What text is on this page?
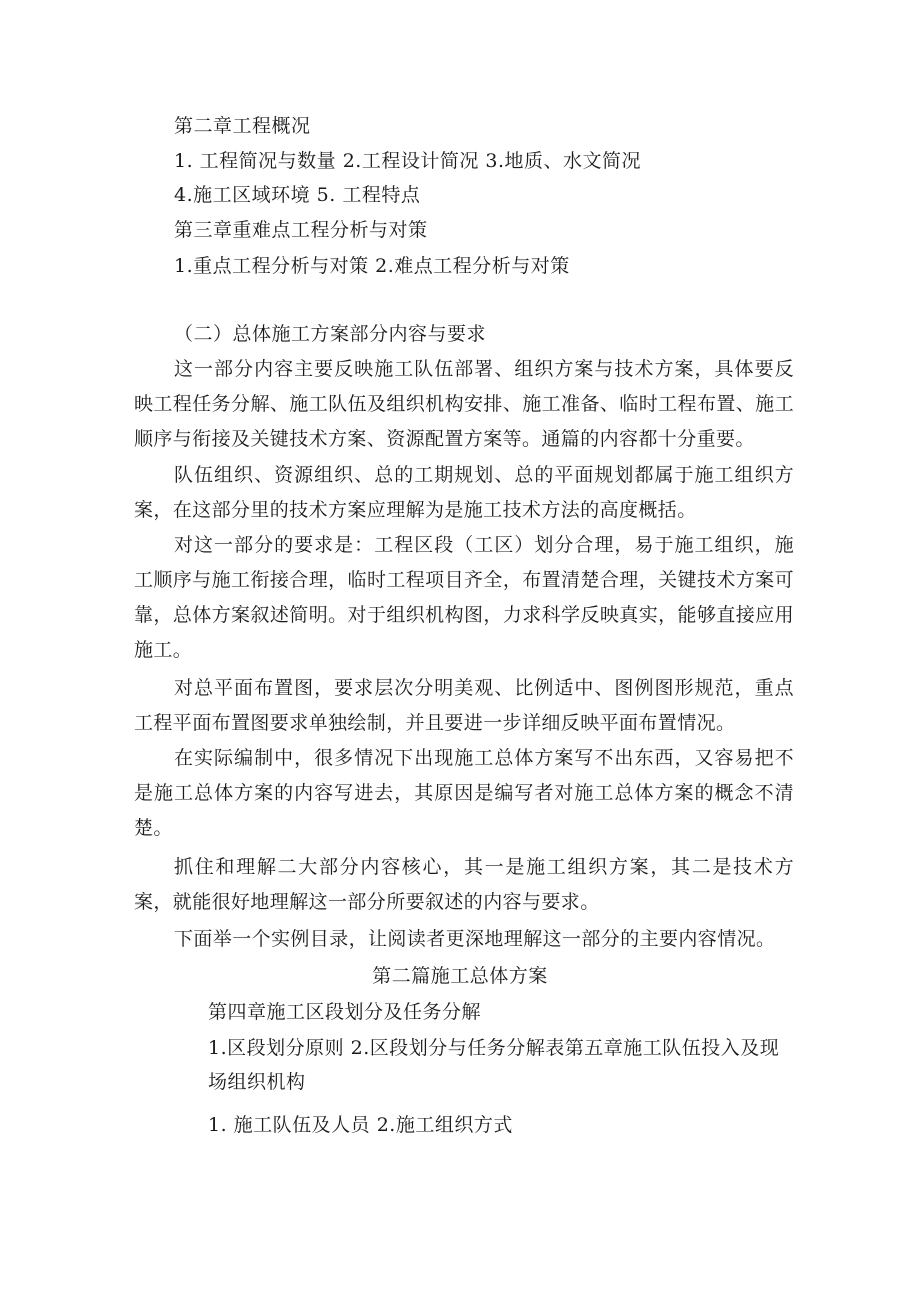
第二章工程概况
1. 工程简况与数量 2.工程设计简况 3.地质、水文简况
4.施工区域环境 5. 工程特点
第三章重难点工程分析与对策
1.重点工程分析与对策 2.难点工程分析与对策
（二）总体施工方案部分内容与要求
这一部分内容主要反映施工队伍部署、组织方案与技术方案，具体要反映工程任务分解、施工队伍及组织机构安排、施工准备、临时工程布置、施工顺序与衔接及关键技术方案、资源配置方案等。通篇的内容都十分重要。
队伍组织、资源组织、总的工期规划、总的平面规划都属于施工组织方案，在这部分里的技术方案应理解为是施工技术方法的高度概括。
对这一部分的要求是：工程区段（工区）划分合理，易于施工组织，施工顺序与施工衔接合理，临时工程项目齐全，布置清楚合理，关键技术方案可靠，总体方案叙述简明。对于组织机构图，力求科学反映真实，能够直接应用施工。
对总平面布置图，要求层次分明美观、比例适中、图例图形规范，重点工程平面布置图要求单独绘制，并且要进一步详细反映平面布置情况。
在实际编制中，很多情况下出现施工总体方案写不出东西，又容易把不是施工总体方案的内容写进去，其原因是编写者对施工总体方案的概念不清楚。
抓住和理解二大部分内容核心，其一是施工组织方案，其二是技术方案，就能很好地理解这一部分所要叙述的内容与要求。
下面举一个实例目录，让阅读者更深地理解这一部分的主要内容情况。
第二篇施工总体方案
第四章施工区段划分及任务分解
1.区段划分原则 2.区段划分与任务分解表第五章施工队伍投入及现
场组织机构
1. 施工队伍及人员 2.施工组织方式
